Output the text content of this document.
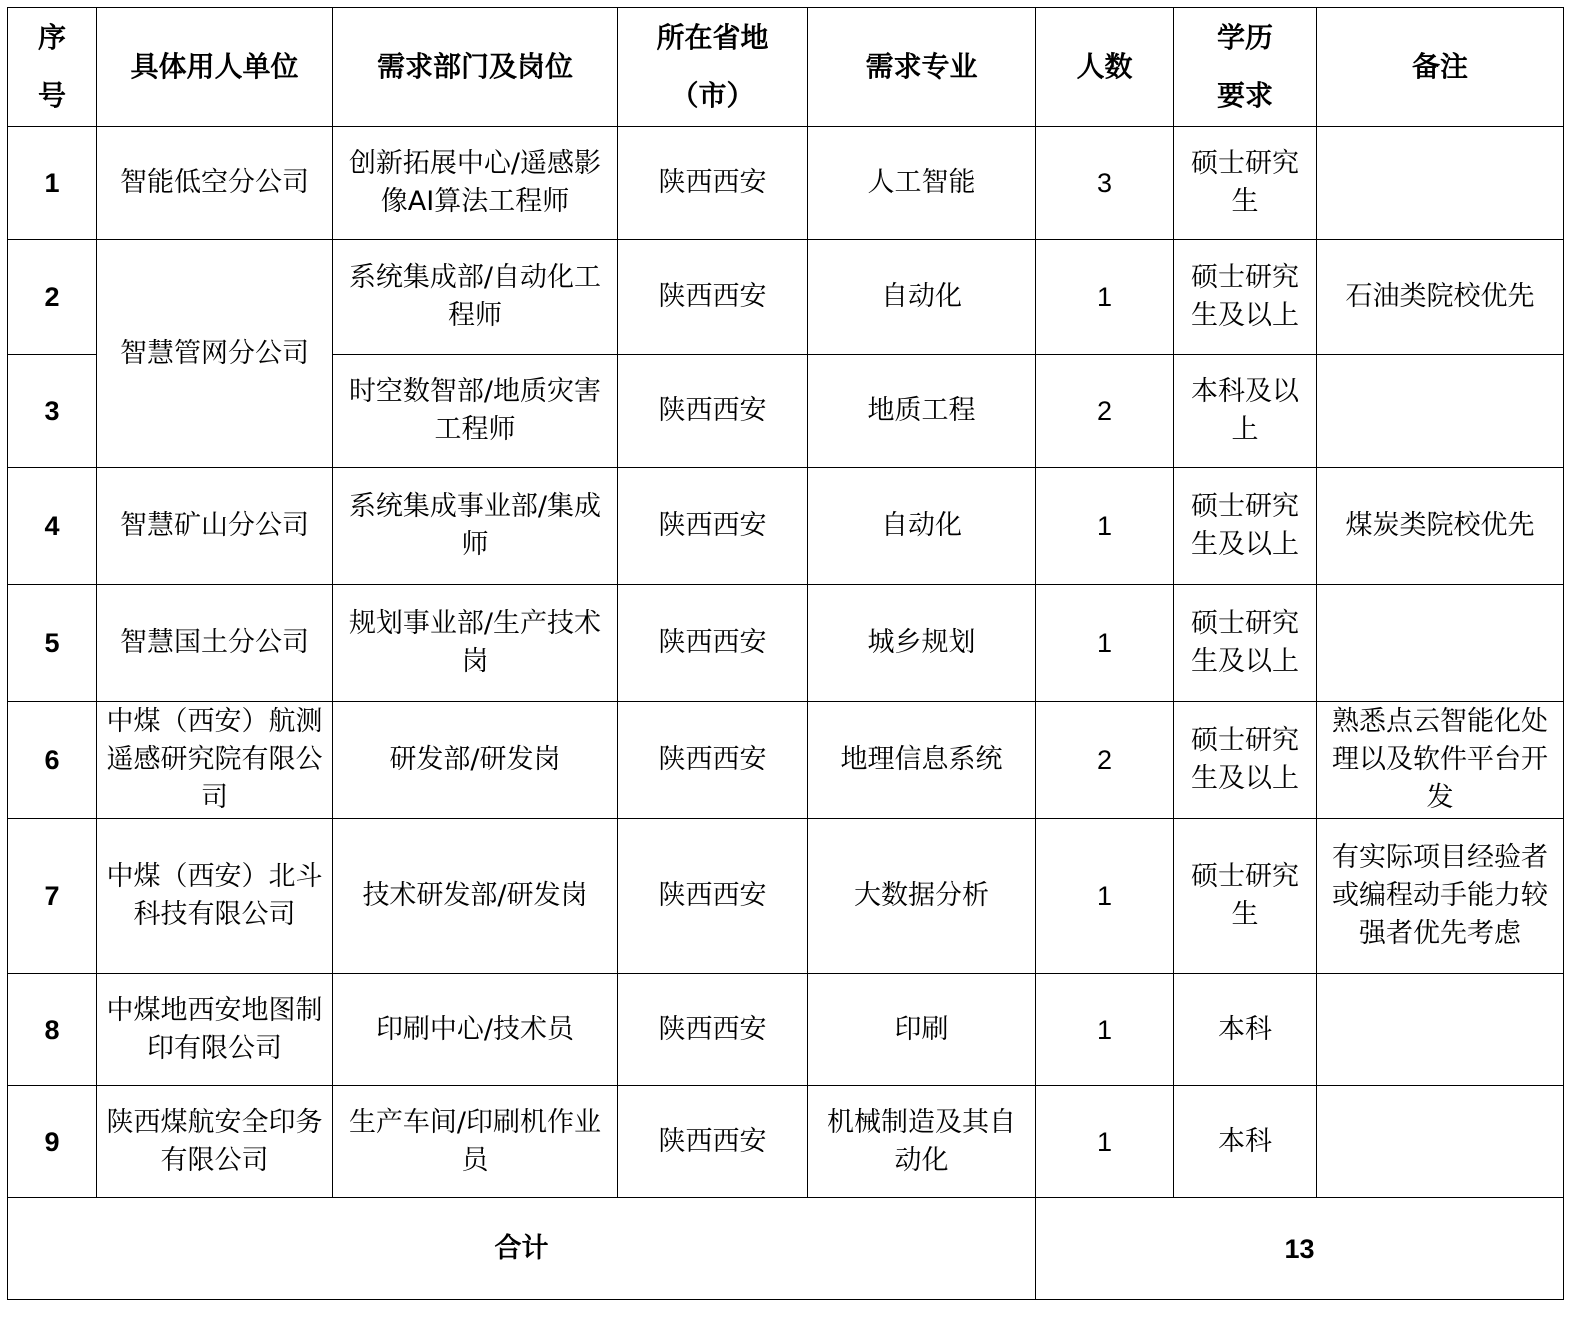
序号	具体用人单位	需求部门及岗位	所在省地（市）	需求专业	人数	学历要求	备注

1	智能低空分公司	创新拓展中心/遥感影像AI算法工程师	陕西西安	人工智能	3	硕士研究生	
2	智慧管网分公司	系统集成部/自动化工程师	陕西西安	自动化	1	硕士研究生及以上	石油类院校优先
3		时空数智部/地质灾害工程师	陕西西安	地质工程	2	本科及以上	
4	智慧矿山分公司	系统集成事业部/集成师	陕西西安	自动化	1	硕士研究生及以上	煤炭类院校优先
5	智慧国土分公司	规划事业部/生产技术岗	陕西西安	城乡规划	1	硕士研究生及以上	
6	中煤（西安）航测遥感研究院有限公司	研发部/研发岗	陕西西安	地理信息系统	2	硕士研究生及以上	熟悉点云智能化处理以及软件平台开发
7	中煤（西安）北斗科技有限公司	技术研发部/研发岗	陕西西安	大数据分析	1	硕士研究生	有实际项目经验者或编程动手能力较强者优先考虑
8	中煤地西安地图制印有限公司	印刷中心/技术员	陕西西安	印刷	1	本科	
9	陕西煤航安全印务有限公司	生产车间/印刷机作业员	陕西西安	机械制造及其自动化	1	本科	
合计					13		
